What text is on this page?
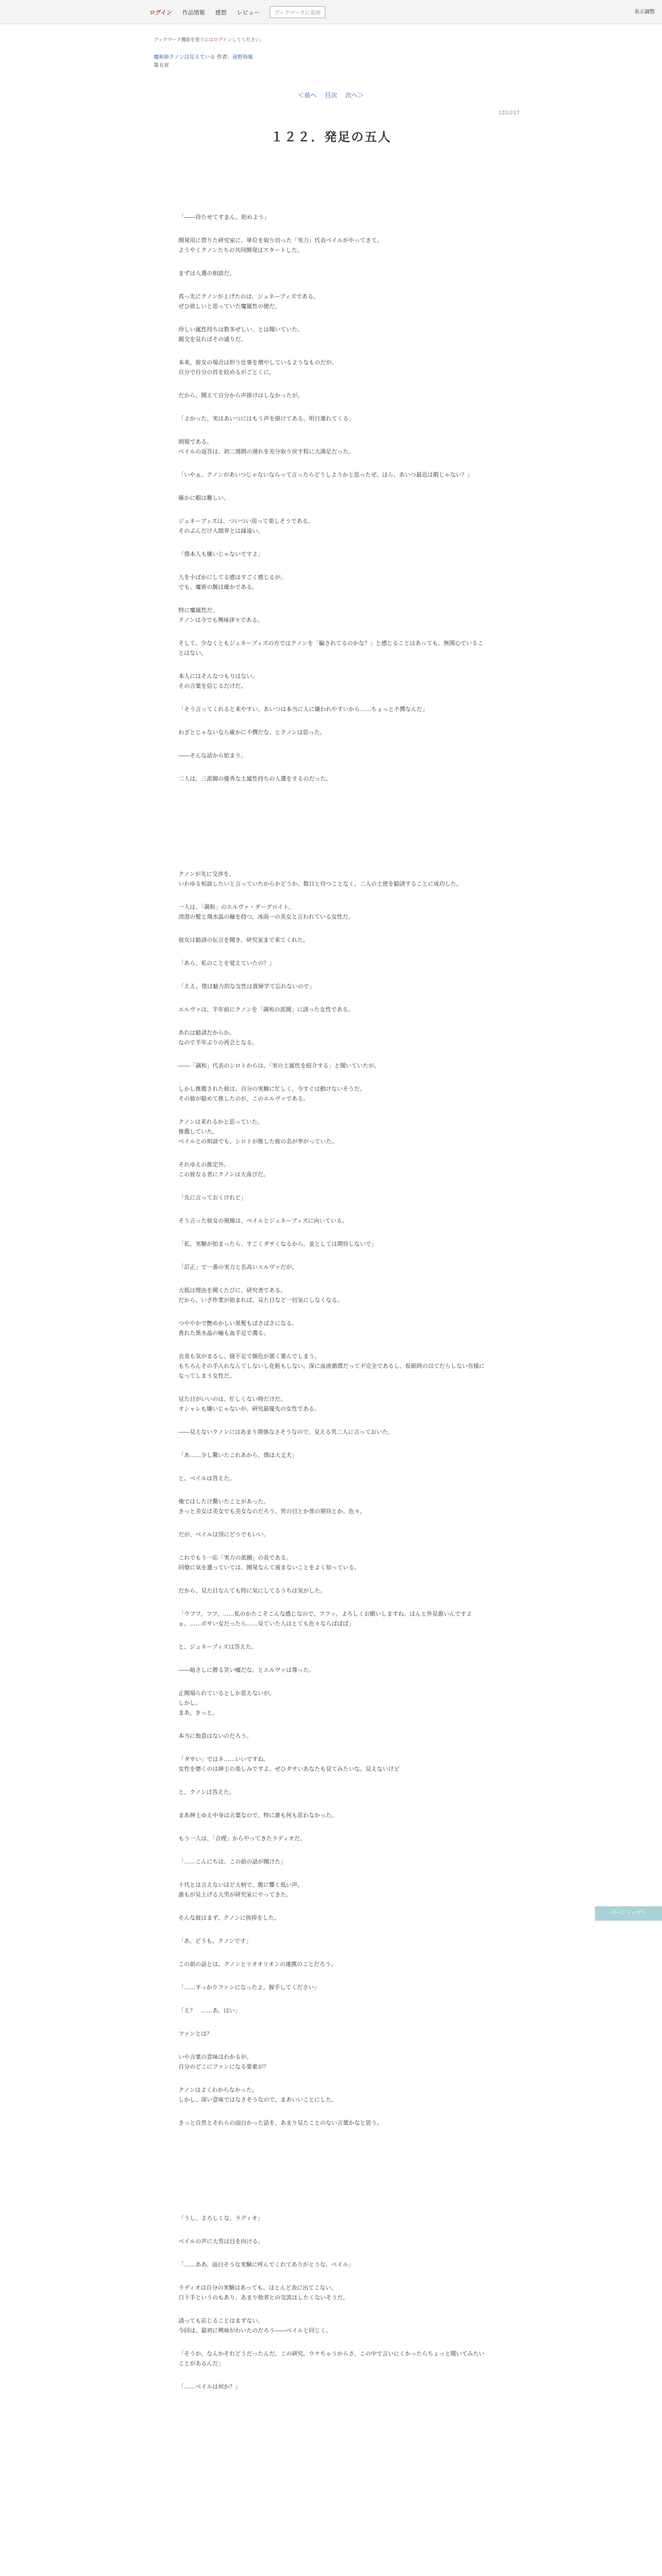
ログイン 作品情報 感想 レビュー	ブックマークに追加	表示調整
ブックマーク機能を使うにはログインしてください。
魔術師クノンは見えている 作者：南野海風
第五章
＜前へ 目次 次へ＞
122/217
１２２．発足の五人

「――待たせてすまん。始めよう」

開発用に借りた研究室に、単位を取り切った「実力」代表ベイルがやってきて、
ようやくクノンたちの共同開発はスタートした。

まずは人選の相談だ。

真っ先にクノンが上げたのは、ジュネーブィズである。
ぜひ欲しいと思っていた魔属性の使だ。

珍しい属性持ちは数多ぜしい、とは聞いていた。
親交を見ればその通りだ。

本来、彼女の場合は担う仕事を増やしているようなものだが。
自分で自分の首を絞めるがごとくに。

だから、聞えて自分から声掛けはしなかったが。

「よかった。実はあいつにはもう声を掛けてある。明日連れてくる」

朗報である。
ベイルの返答は、初二週間の遅れを充分取り戻す程に大満足だった。

「いやぁ、クノンがあいつじゃないならって言ったらどうしようかと思ったぜ。ほら、あいつ最近は暇じゃない？」

確かに暇は難しい。

ジュネーブィズは、ついつい用って楽しそうである。
そのぶんだけ人間界とは縁遠い。

「僕本人も嫌いじゃないですよ」

人を小ばかにしてる感はすごく感じるが。
でも、魔術の腕は確かである。

特に魔属性だ。
クノンは今でも興味津々である。

そして、少なくともジュネーブィズの方ではクノンを「騙されてるのかな？」と感じることはあっても、無関心でいることはない。

本人にはそんなつもりはない。
その言葉を信じるだけだ。

「そう言ってくれると来やすい。あいつは本当に人に嫌われやすいから……ちょっと不憫なんだ」

わざとじゃないなら確かに不憫だな、とクノンは思った。

――そんな話から始まり。

二人は、三派閥の優秀な土属性持ちの人選をするのだった。

クノンが先に交渉を。
いわゆる相談したいと言っていたからかどうか。数日と待つことなく、二人の土使を勧誘することに成功した。

一人は、「調和」のエルヴァ・ダーグロイト。
清澄の髪と飛水晶の瞳を持つ、冰雨一の美女と言われている女性だ。

彼女は勧誘の伝言を聞き、研究室まで来てくれた。

「あら、私のことを覚えていたの？」

「ええ。僕は魅力的な女性は貴婦学て忘れないので」

エルヴァは、半年前にクノンを「調和の派閥」に誘った女性である。

あれは勧誘だからか。
なので半年ぶりの再会となる。

――「調和」代表のシロトからは、「実の土属性を紹介する」と聞いていたが。

しかし推薦された彼は、自分の実験に忙しく、今すぐは動けないそうだ。
その彼が勧めて推したのが、このエルヴァである。

クノンは来れるかと思っていた。
推薦していた。
ベイルとの相談でも、シロトが推した彼の名が挙がっていた。

それゆえの推定外。
この彼なる者にクノンは大喜びだ。

「先に言っておくけれど」

そう言った彼女の視線は、ベイルとジュネーブィズに向いている。

「私、実験が始まったら、すごくダサくなるから。並としては期待しないで」

「訂正」で一番の実力と名高いエルヴァだが。

大抵は理由を聞くたびに、研究者である。
だから、いざ作業が始まれば、見た目など一切気にしなくなる。

つややかで艶めかしい黒髪もぱさぱさになる。
香れた黒水晶の瞳も血手足で濁る。

衣食も気がまるし、寝不足で顔色が悪く萎んでしまう。
もちろんその手入れなんてしないし化粧もしない。深に血液循環だって不完全であるし、仮眠時の以てだらしない有様になってしまう女性だ。

見た目がいいのは、忙しくない時だけだ。
オシャレも嫌いじゃないが、研究最優先の女性である。

――見えないクノンにはあまり関係なさそうなので、見える男二人に言っておいた。

「あ……少し驚いたこれあから、僕は大丈夫」

と、ベイルは答えた。

俺ではしたけ驚いたことがあった。
きっと美女は美女でも美女なのだろう。男の目とか普の期待とか。色々。

だが、ベイルは別にどうでもいい。

これでもう一応「実力の派閥」の長である。
同僚に気を遣っていては、開発なんて遠まないことをよく知っている。

だから、見た目なんても特に気にしてるうちは気がした。

「ウフフ。フフ。……私のかたこそこんな感じなので、フフッ。よろしくお願いしますね。ほんと外見悪いんですよぉ。……ボサい女だったら……見ていた人はとても色々ならばばば」

と、ジュネーブィズは答えた。

――暗さしに勝る笑い嘘だな、とエルヴァは尊った。

正開場られているとしか思えないが。
しかし。
まあ、きっと。

本当に他意はないのだろう。

「ダサい」ではネ……いいですね。
女性を磨くのは紳士の楽しみですよ。ぜひダサいあなたも見てみたいな。見えないけど

と、クノンは答えた。

まあ紳士ゆえ中身は言葉なので、特に誰も何も思わなかった。

もう一人は、「合理」からやってきたラディオだ。

「……こんにちは。この前の話が聞けた」

十代とは言えないほど大柄で、腹に響く低い声。
誰もが見上げる大男が研究室にやってきた。

そんな彼はまず、クノンに挨拶をした。

「あ、どうも。クノンです」

この前の話とは、クノンとリオオリオンの連携のことだろう。

「……すっかりファンになったよ。握手してください」

「え？　……あ、はい」

ファンとは？

いや言葉の意味はわかるが。
自分のどこにファンになる要素が？

クノンはよくわからなかった。
しかし、深い意味ではなさそうなので、まあいいことにした。

きっと自然とそれらの面白かった話を、あまり見たことのない言葉かなと思う。

「うし、よろしくな、ラディオ」

ベイルの声に大男は目を向ける。

「……ああ、面白そうな実験に呼んでくれてありがとうな、ベイル」

ラディオは自分の実験はあっても、ほとんど表に出てこない。
口下手というのもあり、あまり他者との交流はしたくないそうだ。

誘っても応じることはまずない。
今回は、最初に興味がわいたのだろう――ベイルと同じく。

「そうか、なんかそれどうだったんだ。この研究。ウケちゃうからさ、この中で言いにくかったらちょっと聞いてみたいことがあるんだ」

「……ベイルは何か？」

ページトップへ
